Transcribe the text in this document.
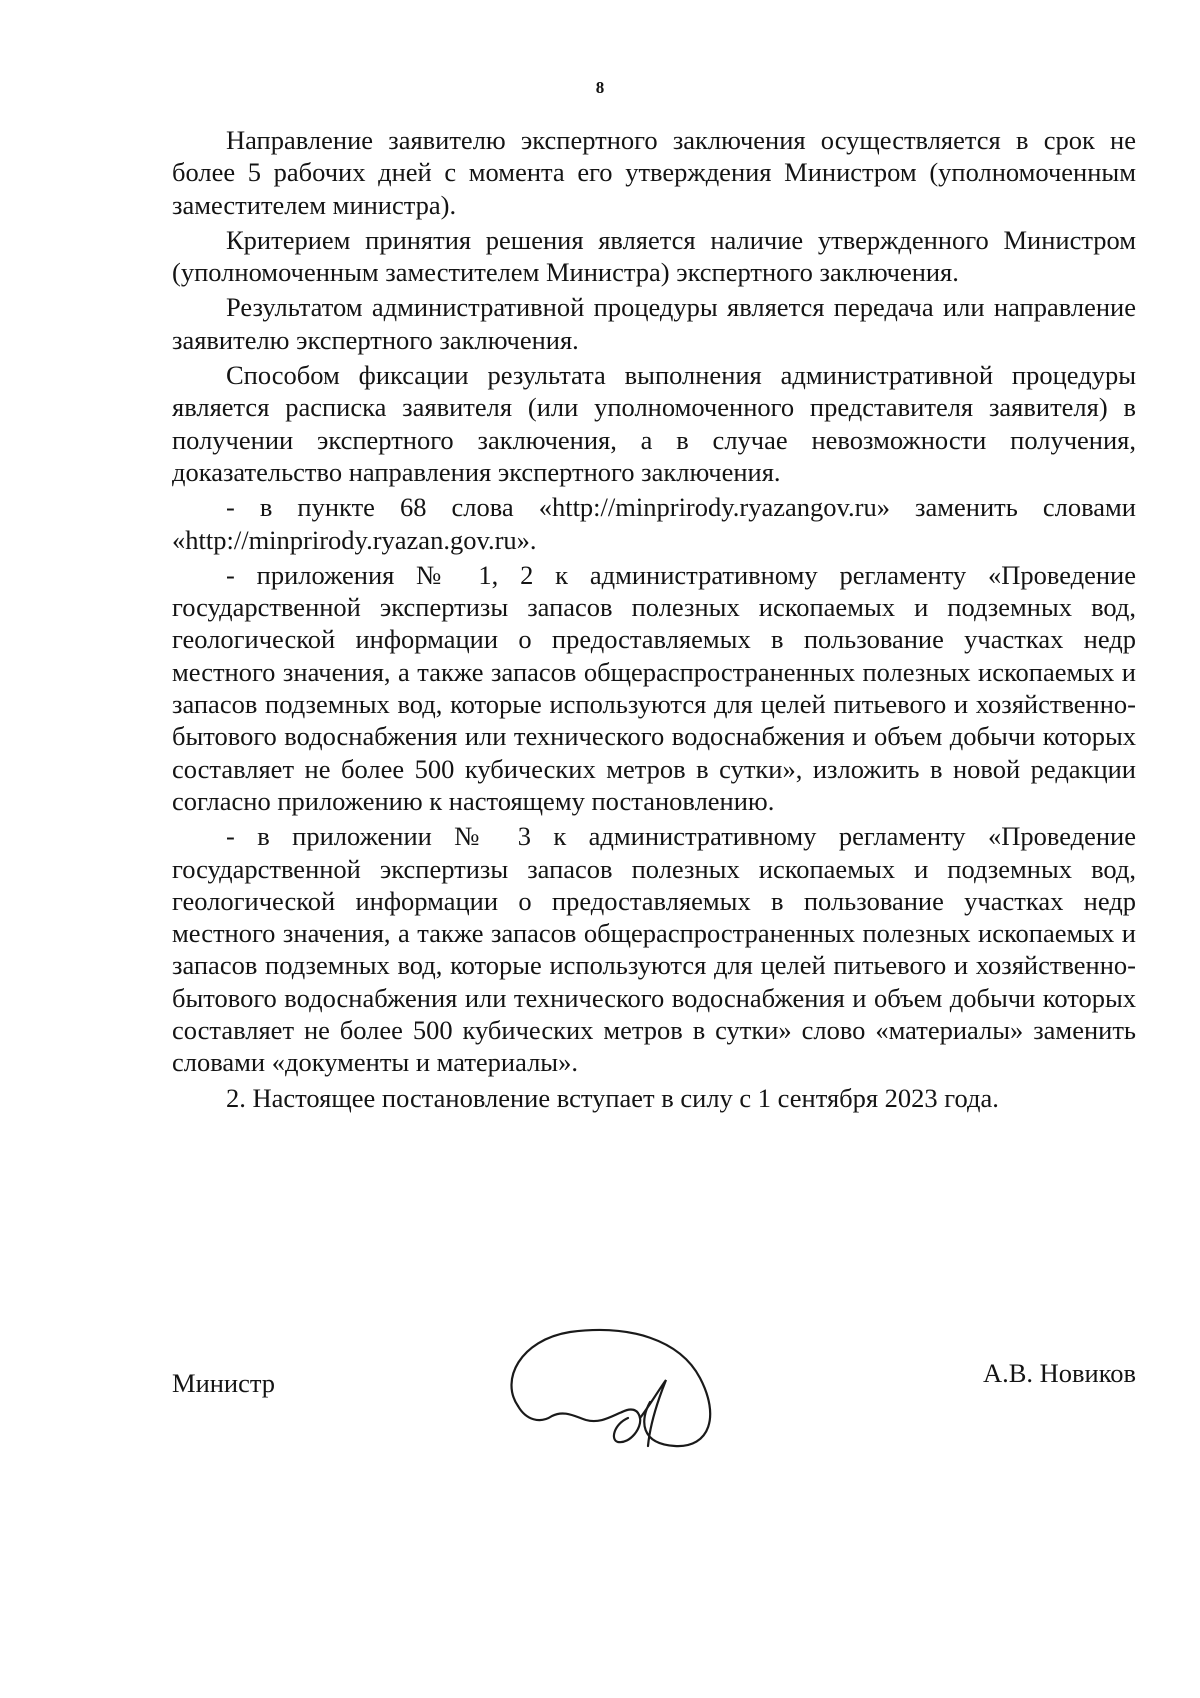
8

Направление заявителю экспертного заключения осуществляется в срок не более 5 рабочих дней с момента его утверждения Министром (уполномоченным заместителем министра).

Критерием принятия решения является наличие утвержденного Министром (уполномоченным заместителем Министра) экспертного заключения.

Результатом административной процедуры является передача или направление заявителю экспертного заключения.

Способом фиксации результата выполнения административной процедуры является расписка заявителя (или уполномоченного представителя заявителя) в получении экспертного заключения, а в случае невозможности получения, доказательство направления экспертного заключения.

- в пункте 68 слова «http://minprirody.ryazangov.ru» заменить словами «http://minprirody.ryazan.gov.ru».

- приложения № 1, 2 к административному регламенту «Проведение государственной экспертизы запасов полезных ископаемых и подземных вод, геологической информации о предоставляемых в пользование участках недр местного значения, а также запасов общераспространенных полезных ископаемых и запасов подземных вод, которые используются для целей питьевого и хозяйственно-бытового водоснабжения или технического водоснабжения и объем добычи которых составляет не более 500 кубических метров в сутки», изложить в новой редакции согласно приложению к настоящему постановлению.

- в приложении № 3 к административному регламенту «Проведение государственной экспертизы запасов полезных ископаемых и подземных вод, геологической информации о предоставляемых в пользование участках недр местного значения, а также запасов общераспространенных полезных ископаемых и запасов подземных вод, которые используются для целей питьевого и хозяйственно-бытового водоснабжения или технического водоснабжения и объем добычи которых составляет не более 500 кубических метров в сутки» слово «материалы» заменить словами «документы и материалы».

2. Настоящее постановление вступает в силу с 1 сентября 2023 года.

Министр	А.В. Новиков
